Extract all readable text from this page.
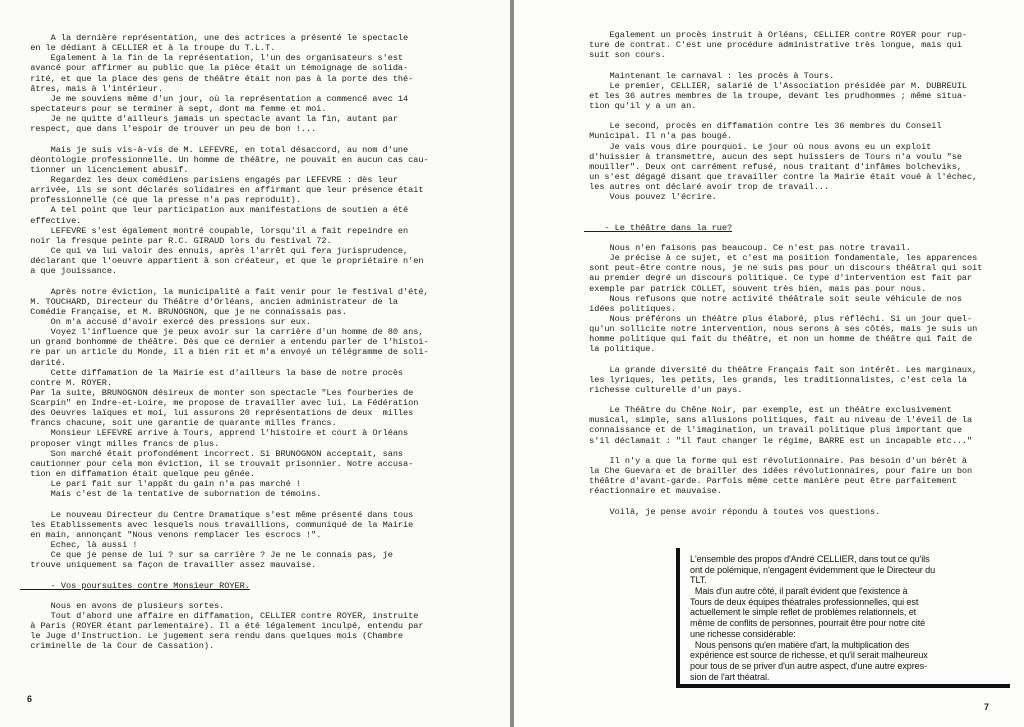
A la dernière représentation, une des actrices a présenté le spectacle
en le dédiant à CELLIER et à la troupe du T.L.T.
Egalement à la fin de la représentation, l'un des organisateurs s'est
avancé pour affirmer au public que la pièce était un témoignage de solida-
rité, et que la place des gens de théâtre était non pas à la porte des thé-
âtres, mais à l'intérieur.
Je me souviens même d'un jour, où la représentation a commencé avec 14
spectateurs pour se terminer à sept, dont ma femme et moi.
Je ne quitte d'ailleurs jamais un spectacle avant la fin, autant par
respect, que dans l'espoir de trouver un peu de bon !...

Mais je suis vis-à-vis de M. LEFEVRE, en total désaccord, au nom d'une
déontologie professionnelle. Un homme de théâtre, ne pouvait en aucun cas cau-
tionner un licenciement abusif.
Regardez les deux comédiens parisiens engagés par LEFEVRE : dès leur
arrivée, ils se sont déclarés solidaires en affirmant que leur présence était
professionnelle (ce que la presse n'a pas reproduit).
A tel point que leur participation aux manifestations de soutien a été
effective.
LEFEVRE s'est également montré coupable, lorsqu'il a fait repeindre en
noir la fresque peinte par R.C. GIRAUD lors du festival 72.
Ce qui va lui valoir des ennuis, après l'arrêt qui fera jurisprudence,
déclarant que l'oeuvre appartient à son créateur, et que le propriétaire n'en
a que jouissance.

Après notre éviction, la municipalité a fait venir pour le festival d'été,
M. TOUCHARD, Directeur du Théâtre d'Orléans, ancien administrateur de la
Comédie Française, et M. BRUNOGNON, que je ne connaissais pas.
On m'a accusé d'avoir exercé des pressions sur eux.
Voyez l'influence que je peux avoir sur la carrière d'un homme de 80 ans,
un grand bonhomme de théâtre. Dès que ce dernier a entendu parler de l'histoi-
re par un article du Monde, il a bien rit et m'a envoyé un télégramme de soli-
darité.
Cette diffamation de la Mairie est d'ailleurs la base de notre procès
contre M. ROYER.
Par la suite, BRUNOGNON désireux de monter son spectacle "Les fourberies de
Scarpin" en Indre-et-Loire, me propose de travailler avec lui. La Fédération
des Oeuvres laïques et moi, lui assurons 20 représentations de deux  milles
francs chacune, soit une garantie de quarante milles francs.
Monsieur LEFEVRE arrive à Tours, apprend l'histoire et court à Orléans
proposer vingt milles francs de plus.
Son marché était profondément incorrect. Si BRUNOGNON acceptait, sans
cautionner pour cela mon éviction, il se trouvait prisonnier. Notre accusa-
tion en diffamation était quelque peu gênée.
Le pari fait sur l'appât du gain n'a pas marché !
Mais c'est de la tentative de subornation de témoins.

Le nouveau Directeur du Centre Dramatique s'est même présenté dans tous
les Etablissements avec lesquels nous travaillions, communiqué de la Mairie
en main, annonçant "Nous venons remplacer les escrocs !".
Echec, là aussi !
Ce que je pense de lui ? sur sa carrière ? Je ne le connais pas, je
trouve uniquement sa façon de travailler assez mauvaise.

- Vos poursuites contre Monsieur ROYER.

Nous en avons de plusieurs sortes.
Tout d'abord une affaire en diffamation, CELLIER contre ROYER, instruite
à Paris (ROYER étant parlementaire). Il a été légalement inculpé, entendu par
le Juge d'Instruction. Le jugement sera rendu dans quelques mois (Chambre
criminelle de la Cour de Cassation).
6
Egalement un procès instruit à Orléans, CELLIER contre ROYER pour rup-
ture de contrat. C'est une procédure administrative très longue, mais qui
suit son cours.

Maintenant le carnaval : les procès à Tours.
Le premier, CELLIER, salarié de l'Association présidée par M. DUBREUIL
et les 36 autres membres de la troupe, devant les prudhommes ; même situa-
tion qu'il y a un an.

Le second, procès en diffamation contre les 36 membres du Conseil
Municipal. Il n'a pas bougé.
Je vais vous dire pourquoi. Le jour où nous avons eu un exploit
d'huissier à transmettre, aucun des sept huissiers de Tours n'a voulu "se
mouiller". Deux ont carrément refusé, nous traitant d'infâmes bolcheviks,
un s'est dégagé disant que travailler contre la Mairie était voué à l'échec,
les autres ont déclaré avoir trop de travail...
Vous pouvez l'écrire.

- Le théâtre dans la rue?

Nous n'en faisons pas beaucoup. Ce n'est pas notre travail.
Je précise à ce sujet, et c'est ma position fondamentale, les apparences
sont peut-être contre nous, je ne suis pas pour un discours théâtral qui soit
au premier degré un discours politique. Ce type d'intervention est fait par
exemple par patrick COLLET, souvent très bien, mais pas pour nous.
Nous refusons que notre activité théâtrale soit seule véhicule de nos
idées politiques.
Nous préférons un théâtre plus élaboré, plus réfléchi. Si un jour quel-
qu'un sollicite notre intervention, nous serons à ses côtés, mais je suis un
homme politique qui fait du théâtre, et non un homme de théâtre qui fait de
la politique.

La grande diversité du théâtre Français fait son intérêt. Les marginaux,
les lyriques, les petits, les grands, les traditionnalistes, c'est cela la
richesse culturelle d'un pays.

Le Théâtre du Chêne Noir, par exemple, est un théâtre exclusivement
musical, simple, sans allusions politiques, fait au niveau de l'éveil de la
connaissance et de l'imagination, un travail politique plus important que
s'il déclamait : "il faut changer le régime, BARRE est un incapable etc..."

Il n'y a que la forme qui est révolutionnaire. Pas besoin d'un bérêt à
la Che Guevara et de brailler des idées révolutionnaires, pour faire un bon
théâtre d'avant-garde. Parfois même cette manière peut être parfaitement
réactionnaire et mauvaise.

Voilà, je pense avoir répondu à toutes vos questions.
L'ensemble des propos d'André CELLIER, dans tout ce qu'ils
ont de polémique, n'engagent évidemment que le Directeur du
TLT.
Mais d'un autre côté, il paraît évident que l'existence à
Tours de deux équipes théatrales professionnelles, qui est
actuellement le simple reflet de problèmes relationnels, et
même de conflits de personnes, pourrait être pour notre cité
une richesse considérable:
Nous pensons qu'en matière d'art, la multiplication des
expérience est source de richesse, et qu'il serait malheureux
pour tous de se priver d'un autre aspect, d'une autre expres-
sion de l'art théatral.
7
